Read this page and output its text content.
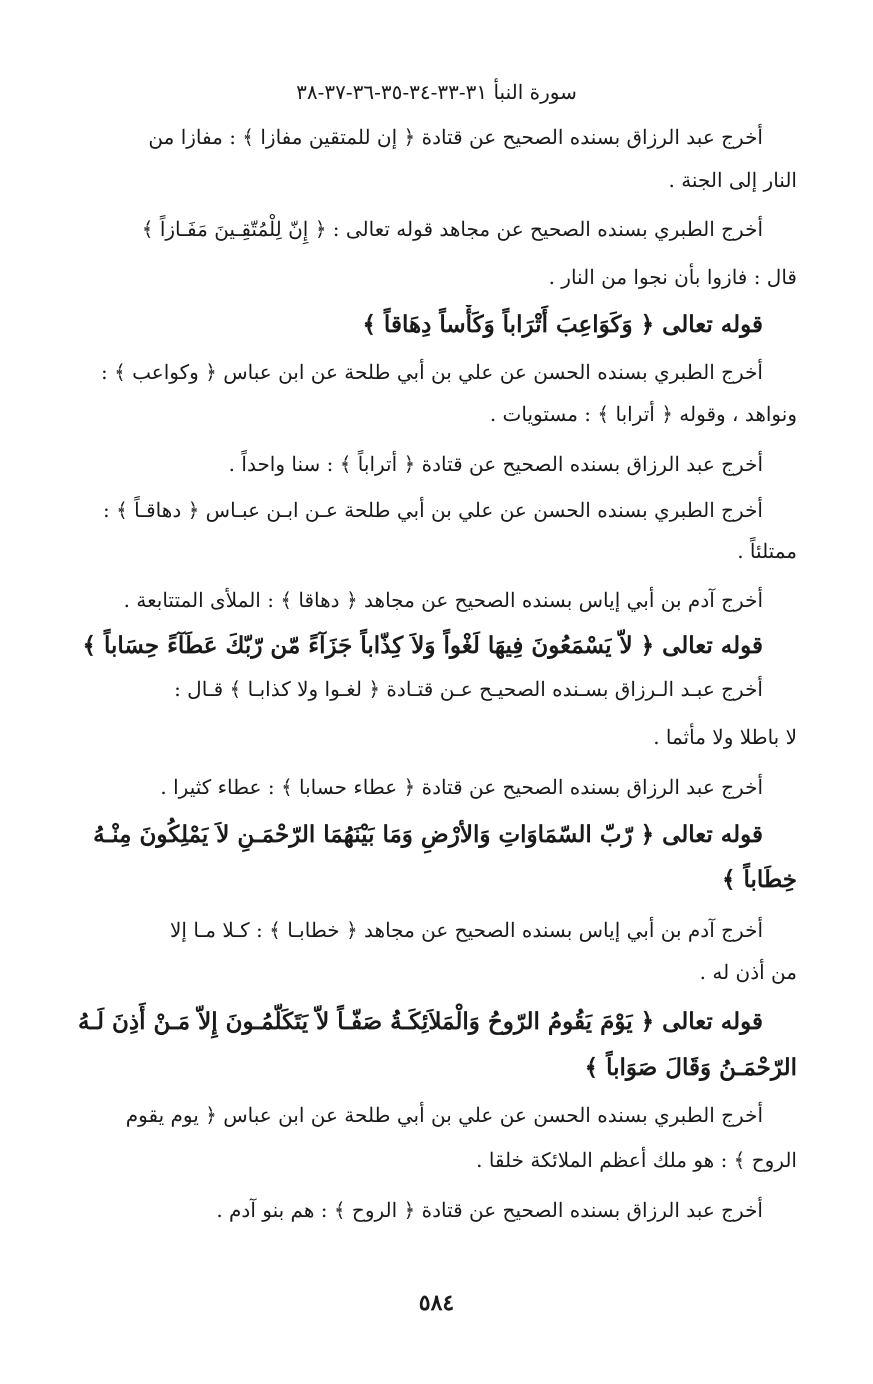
سورة النبأ ٣١-٣٣-٣٤-٣٥-٣٦-٣٧-٣٨
أخرج عبد الرزاق بسنده الصحيح عن قتادة ﴿ إن للمتقين مفازا ﴾ : مفازا من
النار إلى الجنة .
أخرج الطبري بسنده الصحيح عن مجاهد قوله تعالى : ﴿ إِنّ لِلْمُتّقِـينَ مَفَـازاً ﴾
قال : فازوا بأن نجوا من النار .
قوله تعالى ﴿ وَكَوَاعِبَ أَتْرَاباً وَكَأْساً دِهَاقاً ﴾
أخرج الطبري بسنده الحسن عن علي بن أبي طلحة عن ابن عباس ﴿ وكواعب ﴾ :
ونواهد ، وقوله ﴿ أترابا ﴾ : مستويات .
أخرج عبد الرزاق بسنده الصحيح عن قتادة ﴿ أتراباً ﴾ : سنا واحداً .
أخرج الطبري بسنده الحسن عن علي بن أبي طلحة عـن ابـن عبـاس ﴿ دهاقـاً ﴾ :
ممتلئاً .
أخرج آدم بن أبي إياس بسنده الصحيح عن مجاهد ﴿ دهاقا ﴾ : الملأى المتتابعة .
قوله تعالى ﴿ لاّ يَسْمَعُونَ فِيهَا لَغْواً وَلاَ كِذّاباً جَزَآءً مّن رّبّكَ عَطَآءً حِسَاباً ﴾
أخرج عبـد الـرزاق بسـنده الصحيـح عـن قتـادة ﴿ لغـوا ولا كذابـا ﴾ قـال :
لا باطلا ولا مأثما .
أخرج عبد الرزاق بسنده الصحيح عن قتادة ﴿ عطاء حسابا ﴾ : عطاء كثيرا .
قوله تعالى ﴿ رّبّ السّمَاوَاتِ وَالأرْضِ وَمَا بَيْنَهُمَا الرّحْمَـنِ لاَ يَمْلِكُونَ مِنْـهُ
خِطَاباً ﴾
أخرج آدم بن أبي إياس بسنده الصحيح عن مجاهد ﴿ خطابـا ﴾ : كـلا مـا إلا
من أذن له .
قوله تعالى ﴿ يَوْمَ يَقُومُ الرّوحُ وَالْمَلاَئِكَـةُ صَفّـاً لاّ يَتَكَلّمُـونَ إِلاّ مَـنْ أَذِنَ لَـهُ
الرّحْمَـنُ وَقَالَ صَوَاباً ﴾
أخرج الطبري بسنده الحسن عن علي بن أبي طلحة عن ابن عباس ﴿ يوم يقوم
الروح ﴾ : هو ملك أعظم الملائكة خلقا .
أخرج عبد الرزاق بسنده الصحيح عن قتادة ﴿ الروح ﴾ : هم بنو آدم .
٥٨٤
